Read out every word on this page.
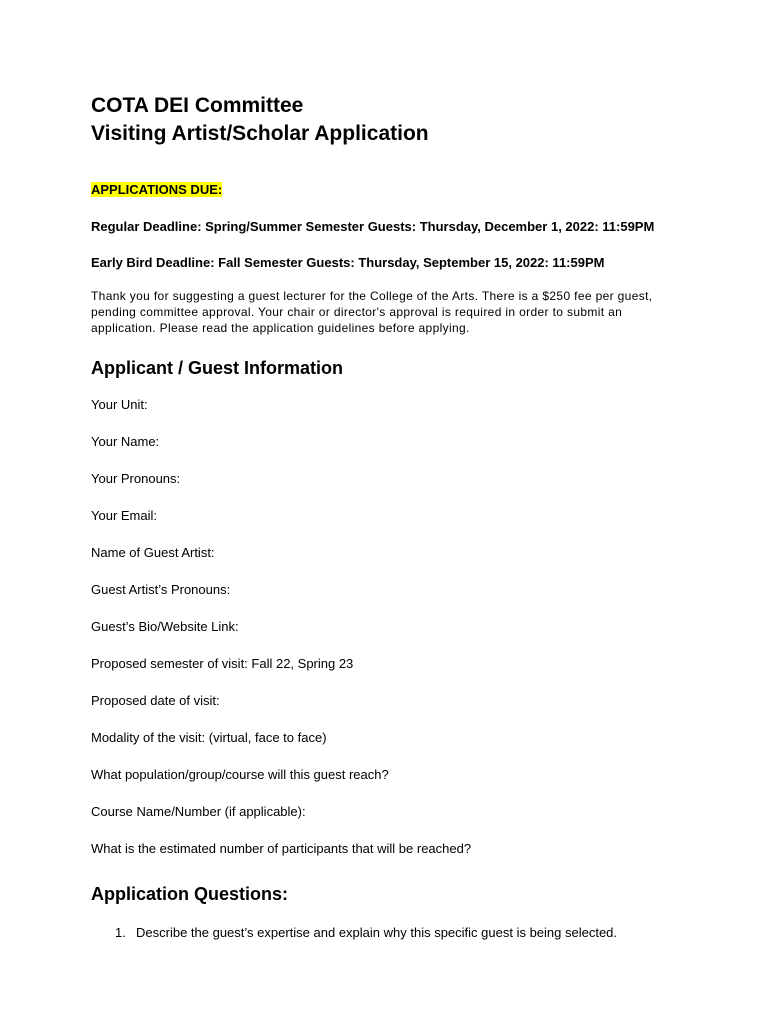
COTA DEI Committee
Visiting Artist/Scholar Application
APPLICATIONS DUE:
Regular Deadline: Spring/Summer Semester Guests: Thursday, December 1, 2022: 11:59PM
Early Bird Deadline: Fall Semester Guests: Thursday, September 15, 2022: 11:59PM
Thank you for suggesting a guest lecturer for the College of the Arts. There is a $250 fee per guest, pending committee approval. Your chair or director's approval is required in order to submit an application. Please read the application guidelines before applying.
Applicant / Guest Information
Your Unit:
Your Name:
Your Pronouns:
Your Email:
Name of Guest Artist:
Guest Artist’s Pronouns:
Guest’s Bio/Website Link:
Proposed semester of visit: Fall 22, Spring 23
Proposed date of visit:
Modality of the visit: (virtual, face to face)
What population/group/course will this guest reach?
Course Name/Number (if applicable):
What is the estimated number of participants that will be reached?
Application Questions:
1. Describe the guest’s expertise and explain why this specific guest is being selected.
